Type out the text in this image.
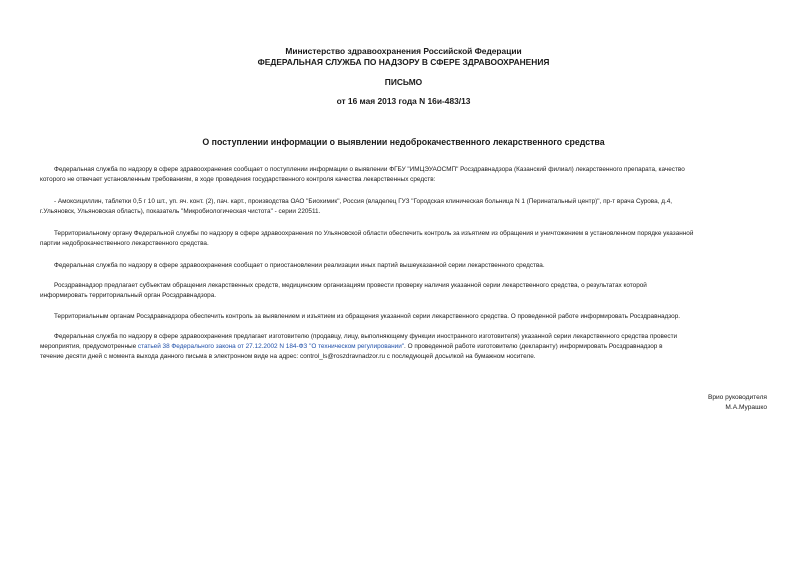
Министерство здравоохранения Российской Федерации
ФЕДЕРАЛЬНАЯ СЛУЖБА ПО НАДЗОРУ В СФЕРЕ ЗДРАВООХРАНЕНИЯ
ПИСЬМО
от 16 мая 2013 года N 16и-483/13
О поступлении информации о выявлении недоброкачественного лекарственного средства
Федеральная служба по надзору в сфере здравоохранения сообщает о поступлении информации о выявлении ФГБУ "ИМЦЭУАОСМП" Росздравнадзора (Казанский филиал) лекарственного препарата, качество
которого не отвечает установленным требованиям, в ходе проведения государственного контроля качества лекарственных средств:
- Амоксициллин, таблетки 0,5 г 10 шт., уп. яч. конт. (2), пач. карт., производства ОАО "Биохимик", Россия (владелец ГУЗ "Городская клиническая больница N 1 (Перинатальный центр)", пр-т врача Сурова, д.4,
г.Ульяновск, Ульяновская область), показатель "Микробиологическая чистота" - серии 220511.
Территориальному органу Федеральной службы по надзору в сфере здравоохранения по Ульяновской области обеспечить контроль за изъятием из обращения и уничтожением в установленном порядке указанной
партии недоброкачественного лекарственного средства.
Федеральная служба по надзору в сфере здравоохранения сообщает о приостановлении реализации иных партий вышеуказанной серии лекарственного средства.
Росздравнадзор предлагает субъектам обращения лекарственных средств, медицинским организациям провести проверку наличия указанной серии лекарственного средства, о результатах которой
информировать территориальный орган Росздравнадзора.
Территориальным органам Росздравнадзора обеспечить контроль за выявлением и изъятием из обращения указанной серии лекарственного средства. О проведенной работе информировать Росздравнадзор.
Федеральная служба по надзору в сфере здравоохранения предлагает изготовителю (продавцу, лицу, выполняющему функции иностранного изготовителя) указанной серии лекарственного средства провести
мероприятия, предусмотренные статьей 38 Федерального закона от 27.12.2002 N 184-ФЗ "О техническом регулировании". О проведенной работе изготовителю (декларанту) информировать Росздравнадзор в
течение десяти дней с момента выхода данного письма в электронном виде на адрес: control_ls@roszdravnadzor.ru с последующей досылкой на бумажном носителе.
Врио руководителя
М.А.Мурашко
